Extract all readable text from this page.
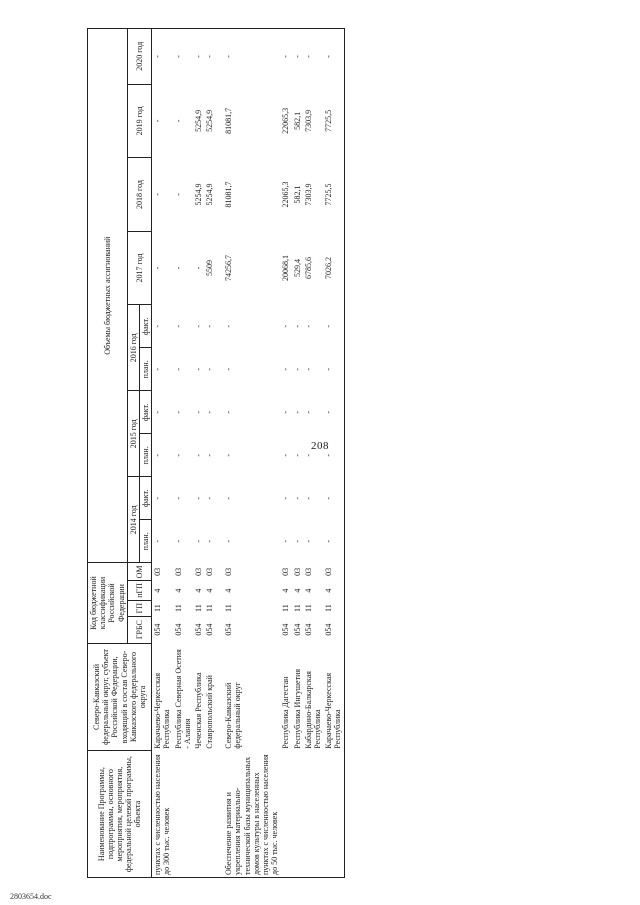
208
Наименование Программы, подпрограммы, основного мероприятия, мероприятия, федеральной целевой программы, объекта	Северо-Кавказский федеральный округ, субъект Российской Федерации, входящий в состав Северо-Кавказского федерального округа	Код бюджетной классификации Российской Федерации				Объемы бюджетных ассигнований									
		ГРБС	ГП	пГП	ОМ	2014 год		2015 год		2016 год		2017 год	2018 год	2019 год	2020 год
						план.	факт.	план.	факт.	план.	факт.				
пунктах с численностью населения до 300 тыс. человек	Карачаево-Черкесская Республика	054	11	4	03	-	-	-	-	-	-	-	-	-	-
	Республика Северная Осетия - Алания	054	11	4	03	-	-	-	-	-	-	-	-	-	-
	Чеченская Республика	054	11	4	03	-	-	-	-	-	-	-	5254,9	5254,9	-
	Ставропольский край	054	11	4	03	-	-	-	-	-	-	5509	5254,9	5254,9	-

Обеспечение развития и укрепления материально-технической базы муниципальных домов культуры в населенных пунктах с численностью населения до 50 тыс. человек	Северо-Кавказский федеральный округ	054	11	4	03	-	-	-	-	-	-	74256,7	81081,7	81081,7	-
	Республика Дагестан	054	11	4	03	-	-	-	-	-	-	20068,1	22065,3	22065,3	-
	Республика Ингушетия	054	11	4	03	-	-	-	-	-	-	529,4	582,1	582,1	-
	Кабардино-Балкарская Республика	054	11	4	03	-	-	-	-	-	-	6785,6	7303,9	7303,9	-
	Карачаево-Черкесская Республика	054	11	4	03	-	-	-	-	-	-	7026,2	7725,5	7725,5	-
2803654.doc
